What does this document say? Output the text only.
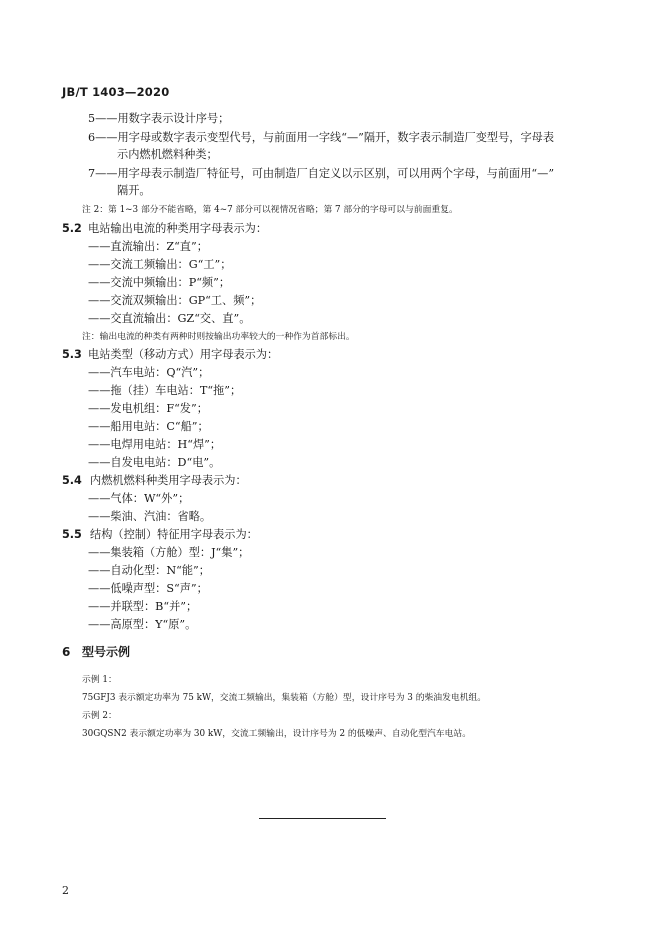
JB/T 1403—2020
5——用数字表示设计序号；
6——用字母或数字表示变型代号，与前面用一字线“—”隔开，数字表示制造厂变型号，字母表
示内燃机燃料种类；
7——用字母表示制造厂特征号，可由制造厂自定义以示区别，可以用两个字母，与前面用“—”
隔开。
注 2：第 1~3 部分不能省略，第 4~7 部分可以视情况省略；第 7 部分的字母可以与前面重复。
5.2 电站输出电流的种类用字母表示为：
——直流输出：Z“直”；
——交流工频输出：G“工”；
——交流中频输出：P“频”；
——交流双频输出：GP“工、频”；
——交直流输出：GZ“交、直”。
注：输出电流的种类有两种时则按输出功率较大的一种作为首部标出。
5.3 电站类型（移动方式）用字母表示为：
——汽车电站：Q“汽”；
——拖（挂）车电站：T“拖”；
——发电机组：F“发”；
——船用电站：C“船”；
——电焊用电站：H“焊”；
——自发电电站：D“电”。
5.4 内燃机燃料种类用字母表示为：
——气体：W“外”；
——柴油、汽油：省略。
5.5 结构（控制）特征用字母表示为：
——集装箱（方舱）型：J“集”；
——自动化型：N“能”；
——低噪声型：S“声”；
——并联型：B“并”；
——高原型：Y“原”。
6 型号示例
示例 1：
75GFJ3 表示额定功率为 75 kW，交流工频输出，集装箱（方舱）型，设计序号为 3 的柴油发电机组。
示例 2：
30GQSN2 表示额定功率为 30 kW，交流工频输出，设计序号为 2 的低噪声、自动化型汽车电站。
2
